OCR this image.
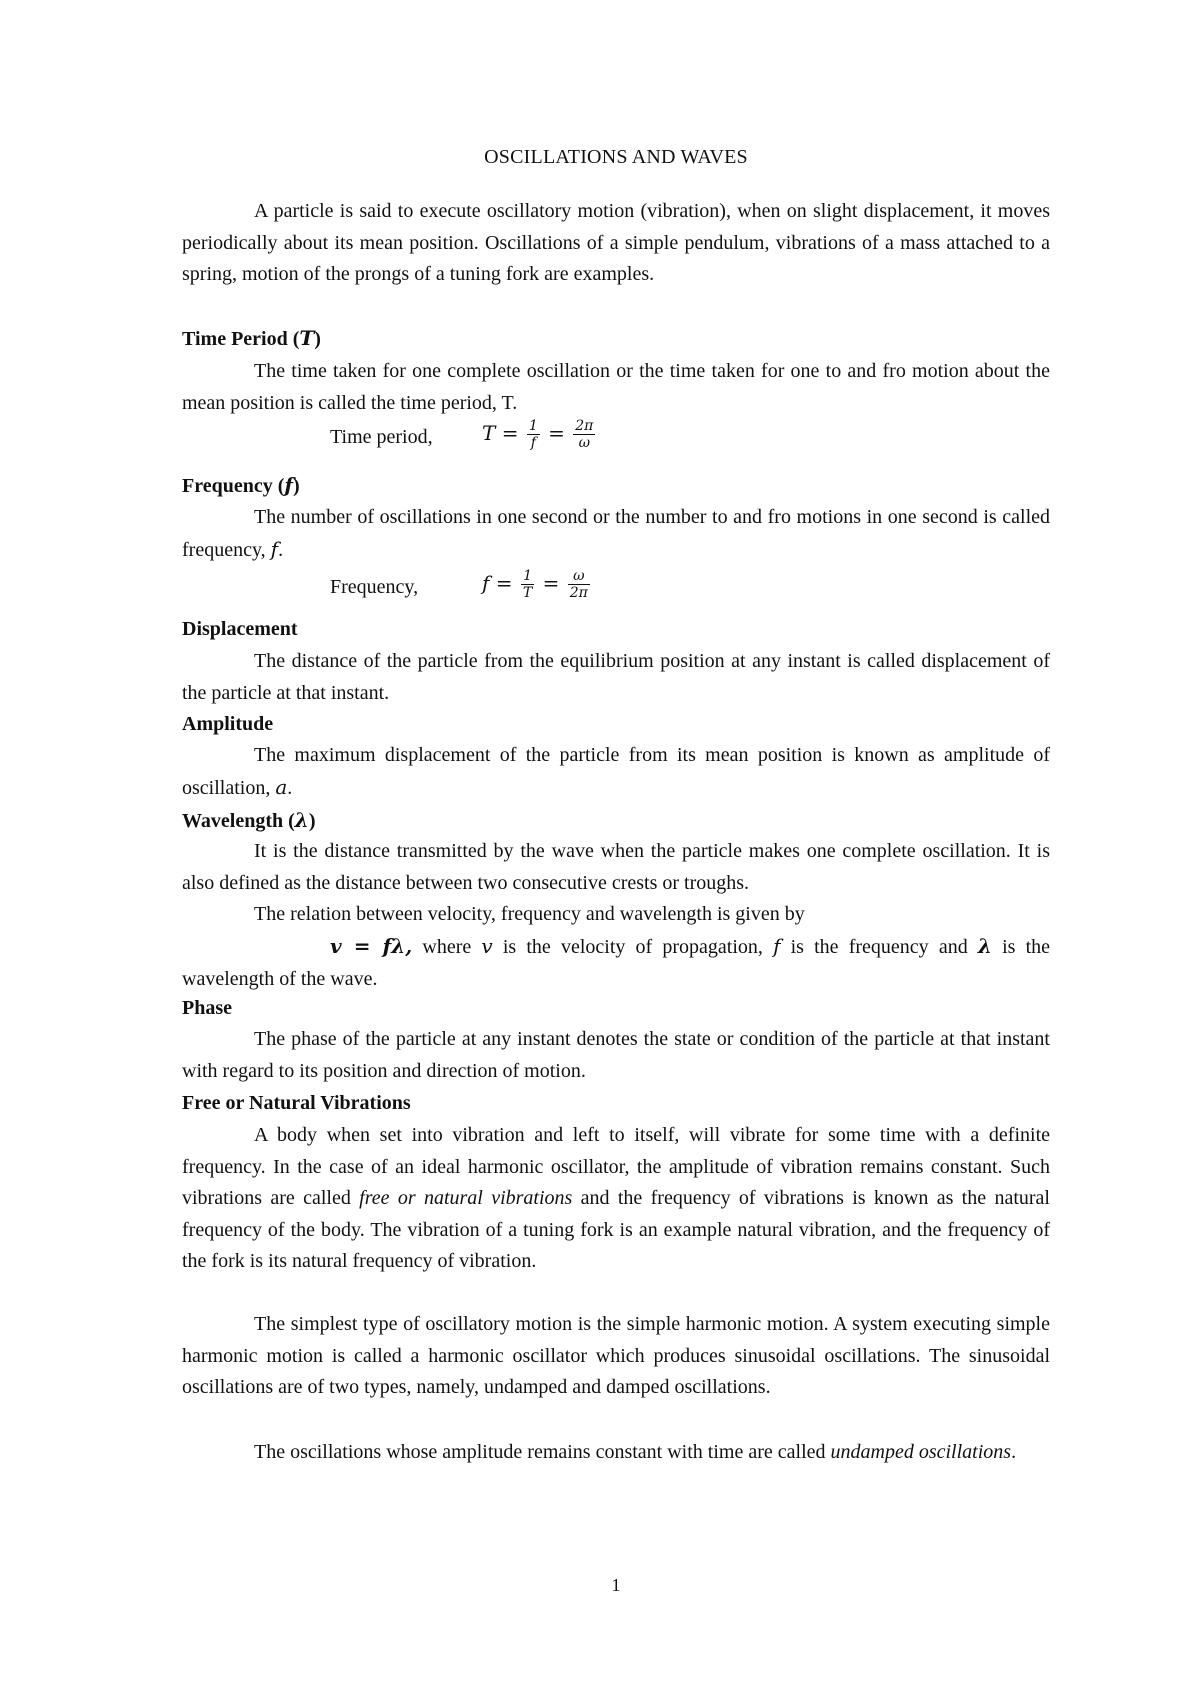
OSCILLATIONS AND WAVES
A particle is said to execute oscillatory motion (vibration), when on slight displacement, it moves periodically about its mean position. Oscillations of a simple pendulum, vibrations of a mass attached to a spring, motion of the prongs of a tuning fork are examples.
Time Period (T)
The time taken for one complete oscillation or the time taken for one to and fro motion about the mean position is called the time period, T.
Time period, $T = \frac{1}{f} = \frac{2\pi}{\omega}$
Frequency (f)
The number of oscillations in one second or the number to and fro motions in one second is called frequency, f.
Frequency,	$f = \frac{1}{T} = \frac{\omega}{2\pi}$
Displacement
The distance of the particle from the equilibrium position at any instant is called displacement of the particle at that instant.
Amplitude
The maximum displacement of the particle from its mean position is known as amplitude of oscillation, a.
Wavelength (λ)
It is the distance transmitted by the wave when the particle makes one complete oscillation. It is also defined as the distance between two consecutive crests or troughs.
The relation between velocity, frequency and wavelength is given by
v = fλ, where v is the velocity of propagation, f is the frequency and λ is the wavelength of the wave.
Phase
The phase of the particle at any instant denotes the state or condition of the particle at that instant with regard to its position and direction of motion.
Free or Natural Vibrations
A body when set into vibration and left to itself, will vibrate for some time with a definite frequency. In the case of an ideal harmonic oscillator, the amplitude of vibration remains constant. Such vibrations are called free or natural vibrations and the frequency of vibrations is known as the natural frequency of the body. The vibration of a tuning fork is an example natural vibration, and the frequency of the fork is its natural frequency of vibration.
The simplest type of oscillatory motion is the simple harmonic motion. A system executing simple harmonic motion is called a harmonic oscillator which produces sinusoidal oscillations. The sinusoidal oscillations are of two types, namely, undamped and damped oscillations.
The oscillations whose amplitude remains constant with time are called undamped oscillations.
1
